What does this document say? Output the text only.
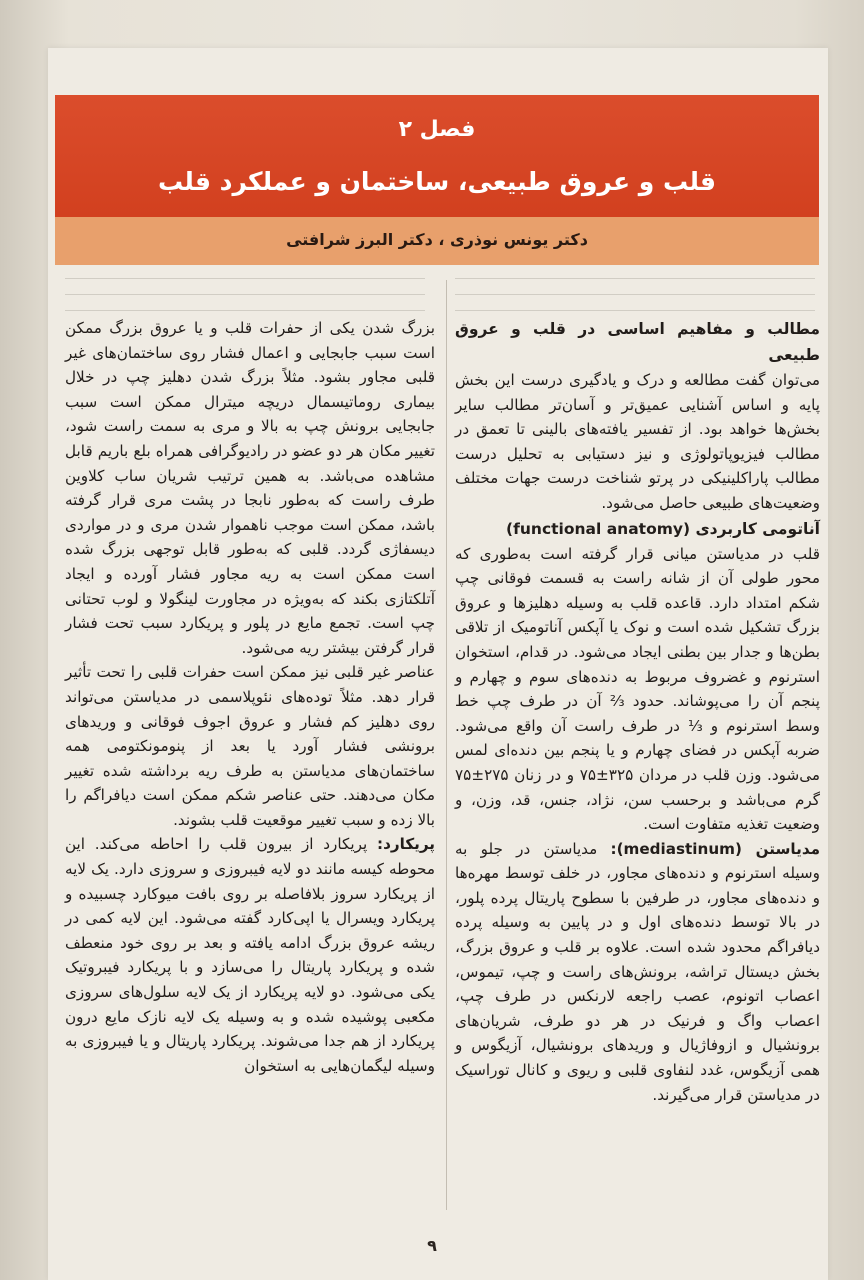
فصل ۲
قلب و عروق طبیعی، ساختمان و عملکرد قلب
دکتر یونس نوذری ، دکتر البرز شرافتی
مطالب و مفاهیم اساسی در قلب و عروق طبیعی

می‌توان گفت مطالعه و درک و یادگیری درست این بخش پایه و اساس آشنایی عمیق‌تر و آسان‌تر مطالب سایر بخش‌ها خواهد بود. از تفسیر یافته‌های بالینی تا تعمق در مطالب فیزیوپاتولوژی و نیز دستیابی به تحلیل درست مطالب پاراکلینیکی در پرتو شناخت درست جهات مختلف وضعیت‌های طبیعی حاصل می‌شود.

آناتومی کاربردی (functional anatomy)

قلب در مدیاستن میانی قرار گرفته است به‌طوری که محور طولی آن از شانه راست به قسمت فوقانی چپ شکم امتداد دارد. قاعده قلب به وسیله دهلیزها و عروق بزرگ تشکیل شده است و نوک یا آپکس آناتومیک از تلاقی بطن‌ها و جدار بین بطنی ایجاد می‌شود. در قدام، استخوان استرنوم و غضروف مربوط به دنده‌های سوم و چهارم و پنجم آن را می‌پوشاند. حدود ⅔ آن در طرف چپ خط وسط استرنوم و ⅓ در طرف راست آن واقع می‌شود. ضربه آپکس در فضای چهارم و یا پنجم بین دنده‌ای لمس می‌شود. وزن قلب در مردان ۳۲۵±۷۵ و در زنان ۲۷۵±۷۵ گرم می‌باشد و برحسب سن، نژاد، جنس، قد، وزن، و وضعیت تغذیه متفاوت است.

مدیاستن (mediastinum): مدیاستن در جلو به وسیله استرنوم و دنده‌های مجاور، در خلف توسط مهره‌ها و دنده‌های مجاور، در طرفین با سطوح پاریتال پرده پلور، در بالا توسط دنده‌های اول و در پایین به وسیله پرده دیافراگم محدود شده است. علاوه بر قلب و عروق بزرگ، بخش دیستال تراشه، برونش‌های راست و چپ، تیموس، اعصاب اتونوم، عصب راجعه لارنکس در طرف چپ، اعصاب واگ و فرنیک در هر دو طرف، شریان‌های برونشیال و ازوفاژیال و وریدهای برونشیال، آزیگوس و همی آزیگوس، غدد لنفاوی قلبی و ریوی و کانال توراسیک در مدیاستن قرار می‌گیرند.

بزرگ شدن یکی از حفرات قلب و یا عروق بزرگ ممکن است سبب جابجایی و اعمال فشار روی ساختمان‌های غیر قلبی مجاور بشود. مثلاً بزرگ شدن دهلیز چپ در خلال بیماری روماتیسمال دریچه میترال ممکن است سبب جابجایی برونش چپ به بالا و مری به سمت راست شود، تغییر مکان هر دو عضو در رادیوگرافی همراه بلع باریم قابل مشاهده می‌باشد. به همین ترتیب شریان ساب کلاوین طرف راست که به‌طور نابجا در پشت مری قرار گرفته باشد، ممکن است موجب ناهموار شدن مری و در مواردی دیسفاژی گردد. قلبی که به‌طور قابل توجهی بزرگ شده است ممکن است به ریه مجاور فشار آورده و ایجاد آتلکتازی بکند که به‌ویژه در مجاورت لینگولا و لوب تحتانی چپ است. تجمع مایع در پلور و پریکارد سبب تحت فشار قرار گرفتن بیشتر ریه می‌شود.

عناصر غیر قلبی نیز ممکن است حفرات قلبی را تحت تأثیر قرار دهد. مثلاً توده‌های نئوپلاسمی در مدیاستن می‌تواند روی دهلیز کم فشار و عروق اجوف فوقانی و وریدهای برونشی فشار آورد یا بعد از پنومونکتومی همه ساختمان‌های مدیاستن به طرف ریه برداشته شده تغییر مکان می‌دهند. حتی عناصر شکم ممکن است دیافراگم را بالا زده و سبب تغییر موقعیت قلب بشوند.

پریکارد: پریکارد از بیرون قلب را احاطه می‌کند. این محوطه کیسه مانند دو لایه فیبروزی و سروزی دارد. یک لایه از پریکارد سروز بلافاصله بر روی بافت میوکارد چسبیده و پریکارد ویسرال یا اپی‌کارد گفته می‌شود. این لایه کمی در ریشه عروق بزرگ ادامه یافته و بعد بر روی خود منعطف شده و پریکارد پاریتال را می‌سازد و با پریکارد فیبروتیک یکی می‌شود. دو لایه پریکارد از یک لایه سلول‌های سروزی مکعبی پوشیده شده و به وسیله یک لایه نازک مایع درون پریکارد از هم جدا می‌شوند. پریکارد پاریتال و یا فیبروزی به وسیله لیگمان‌هایی به استخوان

۹
